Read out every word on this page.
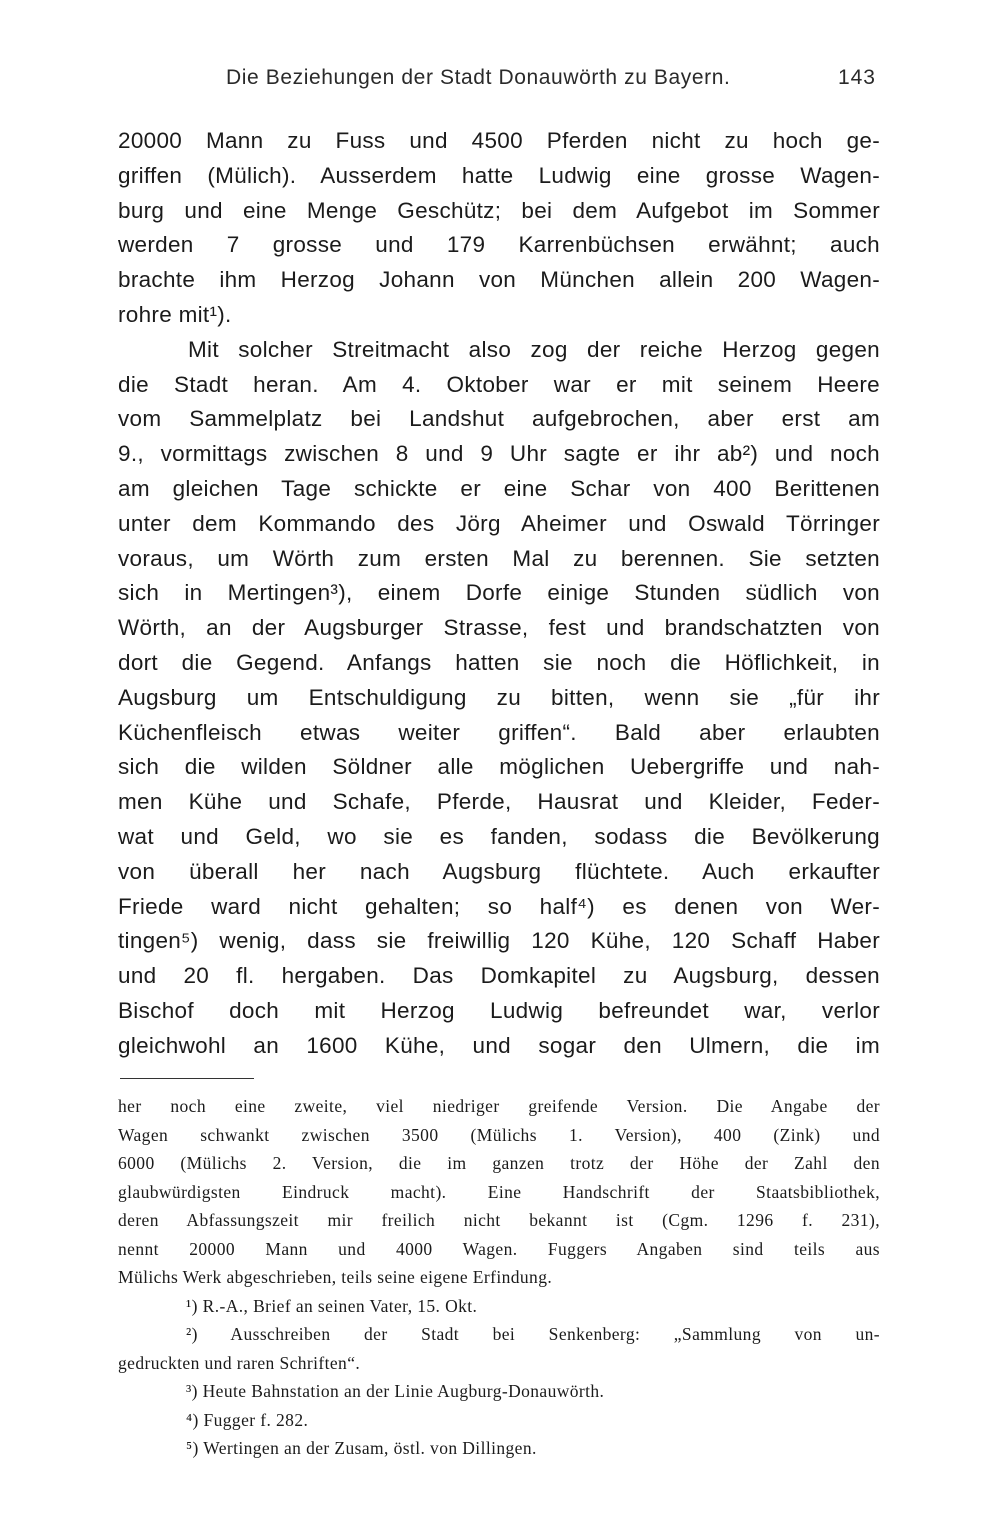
Die Beziehungen der Stadt Donauwörth zu Bayern.	143
20000 Mann zu Fuss und 4500 Pferden nicht zu hoch ge-
griffen (Mülich). Ausserdem hatte Ludwig eine grosse Wagen-
burg und eine Menge Geschütz; bei dem Aufgebot im Sommer
werden 7 grosse und 179 Karrenbüchsen erwähnt; auch
brachte ihm Herzog Johann von München allein 200 Wagen-
rohre mit¹).
Mit solcher Streitmacht also zog der reiche Herzog gegen
die Stadt heran. Am 4. Oktober war er mit seinem Heere
vom Sammelplatz bei Landshut aufgebrochen, aber erst am
9., vormittags zwischen 8 und 9 Uhr sagte er ihr ab²) und noch
am gleichen Tage schickte er eine Schar von 400 Berittenen
unter dem Kommando des Jörg Aheimer und Oswald Törringer
voraus, um Wörth zum ersten Mal zu berennen. Sie setzten
sich in Mertingen³), einem Dorfe einige Stunden südlich von
Wörth, an der Augsburger Strasse, fest und brandschatzten von
dort die Gegend. Anfangs hatten sie noch die Höflichkeit, in
Augsburg um Entschuldigung zu bitten, wenn sie „für ihr
Küchenfleisch etwas weiter griffen“. Bald aber erlaubten
sich die wilden Söldner alle möglichen Uebergriffe und nah-
men Kühe und Schafe, Pferde, Hausrat und Kleider, Feder-
wat und Geld, wo sie es fanden, sodass die Bevölkerung
von überall her nach Augsburg flüchtete. Auch erkaufter
Friede ward nicht gehalten; so half⁴) es denen von Wer-
tingen⁵) wenig, dass sie freiwillig 120 Kühe, 120 Schaff Haber
und 20 fl. hergaben. Das Domkapitel zu Augsburg, dessen
Bischof doch mit Herzog Ludwig befreundet war, verlor
gleichwohl an 1600 Kühe, und sogar den Ulmern, die im
her noch eine zweite, viel niedriger greifende Version. Die Angabe der
Wagen schwankt zwischen 3500 (Mülichs 1. Version), 400 (Zink) und
6000 (Mülichs 2. Version, die im ganzen trotz der Höhe der Zahl den
glaubwürdigsten Eindruck macht). Eine Handschrift der Staatsbibliothek,
deren Abfassungszeit mir freilich nicht bekannt ist (Cgm. 1296 f. 231),
nennt 20000 Mann und 4000 Wagen. Fuggers Angaben sind teils aus
Mülichs Werk abgeschrieben, teils seine eigene Erfindung.
¹) R.-A., Brief an seinen Vater, 15. Okt.
²) Ausschreiben der Stadt bei Senkenberg: „Sammlung von un-
gedruckten und raren Schriften“.
³) Heute Bahnstation an der Linie Augburg-Donauwörth.
⁴) Fugger f. 282.
⁵) Wertingen an der Zusam, östl. von Dillingen.
